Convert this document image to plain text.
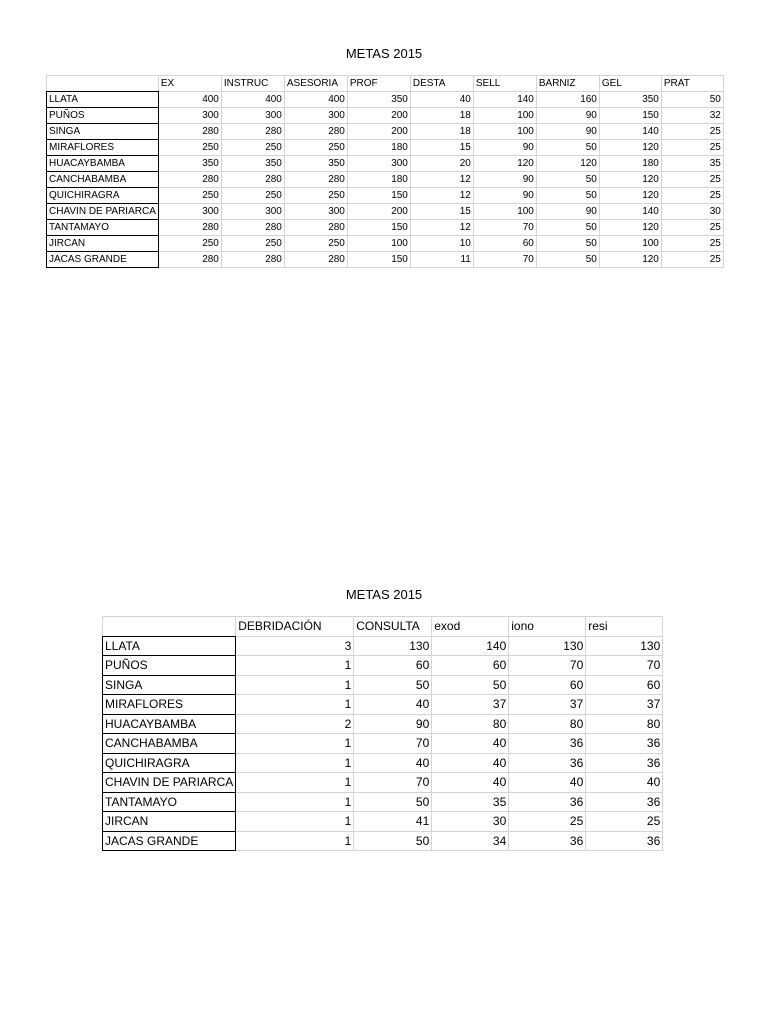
METAS 2015
	EX	INSTRUC	ASESORIA	PROF	DESTA	SELL	BARNIZ	GEL	PRAT
LLATA	400	400	400	350	40	140	160	350	50
PUÑOS	300	300	300	200	18	100	90	150	32
SINGA	280	280	280	200	18	100	90	140	25
MIRAFLORES	250	250	250	180	15	90	50	120	25
HUACAYBAMBA	350	350	350	300	20	120	120	180	35
CANCHABAMBA	280	280	280	180	12	90	50	120	25
QUICHIRAGRA	250	250	250	150	12	90	50	120	25
CHAVIN DE PARIARCA	300	300	300	200	15	100	90	140	30
TANTAMAYO	280	280	280	150	12	70	50	120	25
JIRCAN	250	250	250	100	10	60	50	100	25
JACAS GRANDE	280	280	280	150	11	70	50	120	25
METAS 2015
	DEBRIDACIÓN	CONSULTA	exod	iono	resi
LLATA	3	130	140	130	130
PUÑOS	1	60	60	70	70
SINGA	1	50	50	60	60
MIRAFLORES	1	40	37	37	37
HUACAYBAMBA	2	90	80	80	80
CANCHABAMBA	1	70	40	36	36
QUICHIRAGRA	1	40	40	36	36
CHAVIN DE PARIARCA	1	70	40	40	40
TANTAMAYO	1	50	35	36	36
JIRCAN	1	41	30	25	25
JACAS GRANDE	1	50	34	36	36
